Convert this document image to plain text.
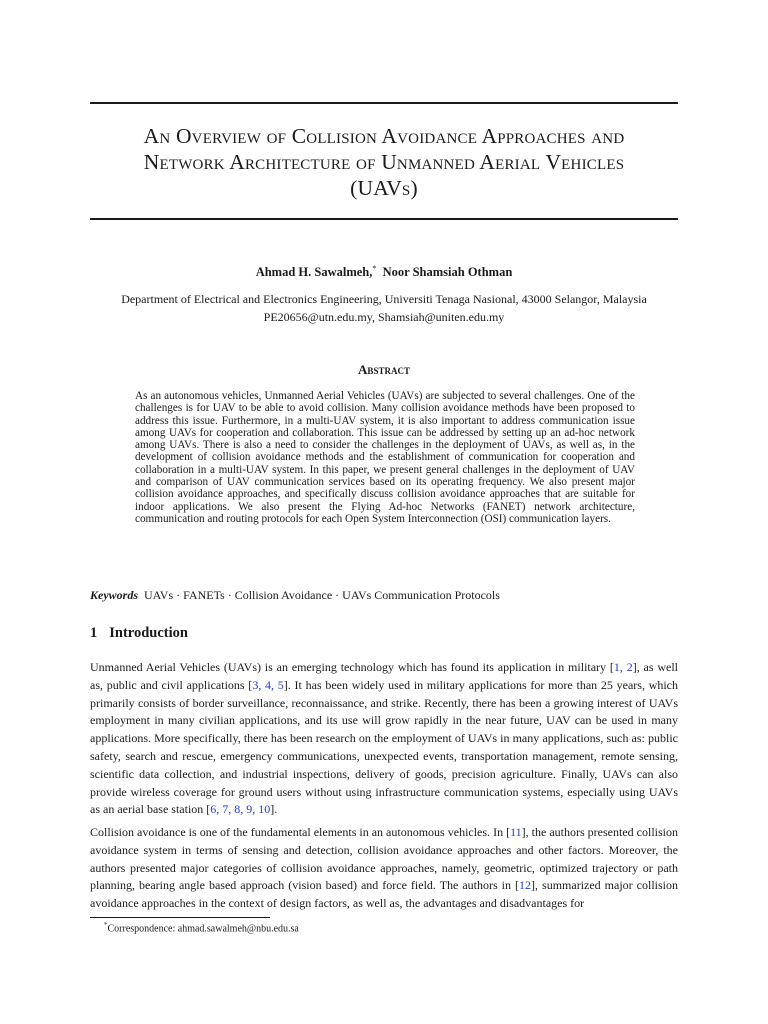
An Overview of Collision Avoidance Approaches and
Network Architecture of Unmanned Aerial Vehicles
(UAVs)
Ahmad H. Sawalmeh,* Noor Shamsiah Othman
Department of Electrical and Electronics Engineering, Universiti Tenaga Nasional, 43000 Selangor, Malaysia
PE20656@utn.edu.my, Shamsiah@uniten.edu.my
Abstract
As an autonomous vehicles, Unmanned Aerial Vehicles (UAVs) are subjected to several challenges. One of the challenges is for UAV to be able to avoid collision. Many collision avoidance methods have been proposed to address this issue. Furthermore, in a multi-UAV system, it is also important to address communication issue among UAVs for cooperation and collaboration. This issue can be addressed by setting up an ad-hoc network among UAVs. There is also a need to consider the challenges in the deployment of UAVs, as well as, in the development of collision avoidance methods and the establishment of communication for cooperation and collaboration in a multi-UAV system. In this paper, we present general challenges in the deployment of UAV and comparison of UAV communication services based on its operating frequency. We also present major collision avoidance approaches, and specifically discuss collision avoidance approaches that are suitable for indoor applications. We also present the Flying Ad-hoc Networks (FANET) network architecture, communication and routing protocols for each Open System Interconnection (OSI) communication layers.
Keywords UAVs · FANETs · Collision Avoidance · UAVs Communication Protocols
1 Introduction
Unmanned Aerial Vehicles (UAVs) is an emerging technology which has found its application in military [1, 2], as well as, public and civil applications [3, 4, 5]. It has been widely used in military applications for more than 25 years, which primarily consists of border surveillance, reconnaissance, and strike. Recently, there has been a growing interest of UAVs employment in many civilian applications, and its use will grow rapidly in the near future, UAV can be used in many applications. More specifically, there has been research on the employment of UAVs in many applications, such as: public safety, search and rescue, emergency communications, unexpected events, transportation management, remote sensing, scientific data collection, and industrial inspections, delivery of goods, precision agriculture. Finally, UAVs can also provide wireless coverage for ground users without using infrastructure communication systems, especially using UAVs as an aerial base station [6, 7, 8, 9, 10].
Collision avoidance is one of the fundamental elements in an autonomous vehicles. In [11], the authors presented collision avoidance system in terms of sensing and detection, collision avoidance approaches and other factors. Moreover, the authors presented major categories of collision avoidance approaches, namely, geometric, optimized trajectory or path planning, bearing angle based approach (vision based) and force field. The authors in [12], summarized major collision avoidance approaches in the context of design factors, as well as, the advantages and disadvantages for
*Correspondence: ahmad.sawalmeh@nbu.edu.sa
